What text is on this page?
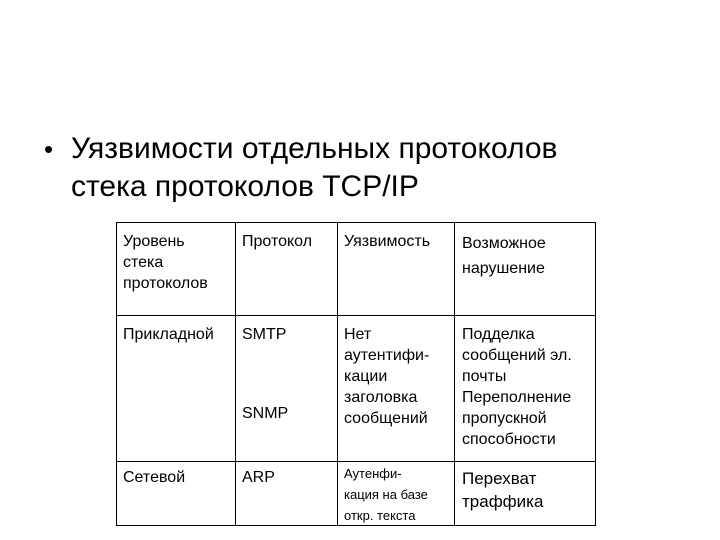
• Уязвимости отдельных протоколов
стека протоколов TCP/IP
Уровень
стека
протоколов
Протокол Уязвимость Возможное
нарушение
Прикладной SMTP
SNMP
Нет
аутентифи-
кации
заголовка
сообщений
Подделка
сообщений эл.
почты
Переполнение
пропускной
способности
Сетевой	ARP	Аутенфи-
кация на базе
откр. текста
Перехват
траффика
